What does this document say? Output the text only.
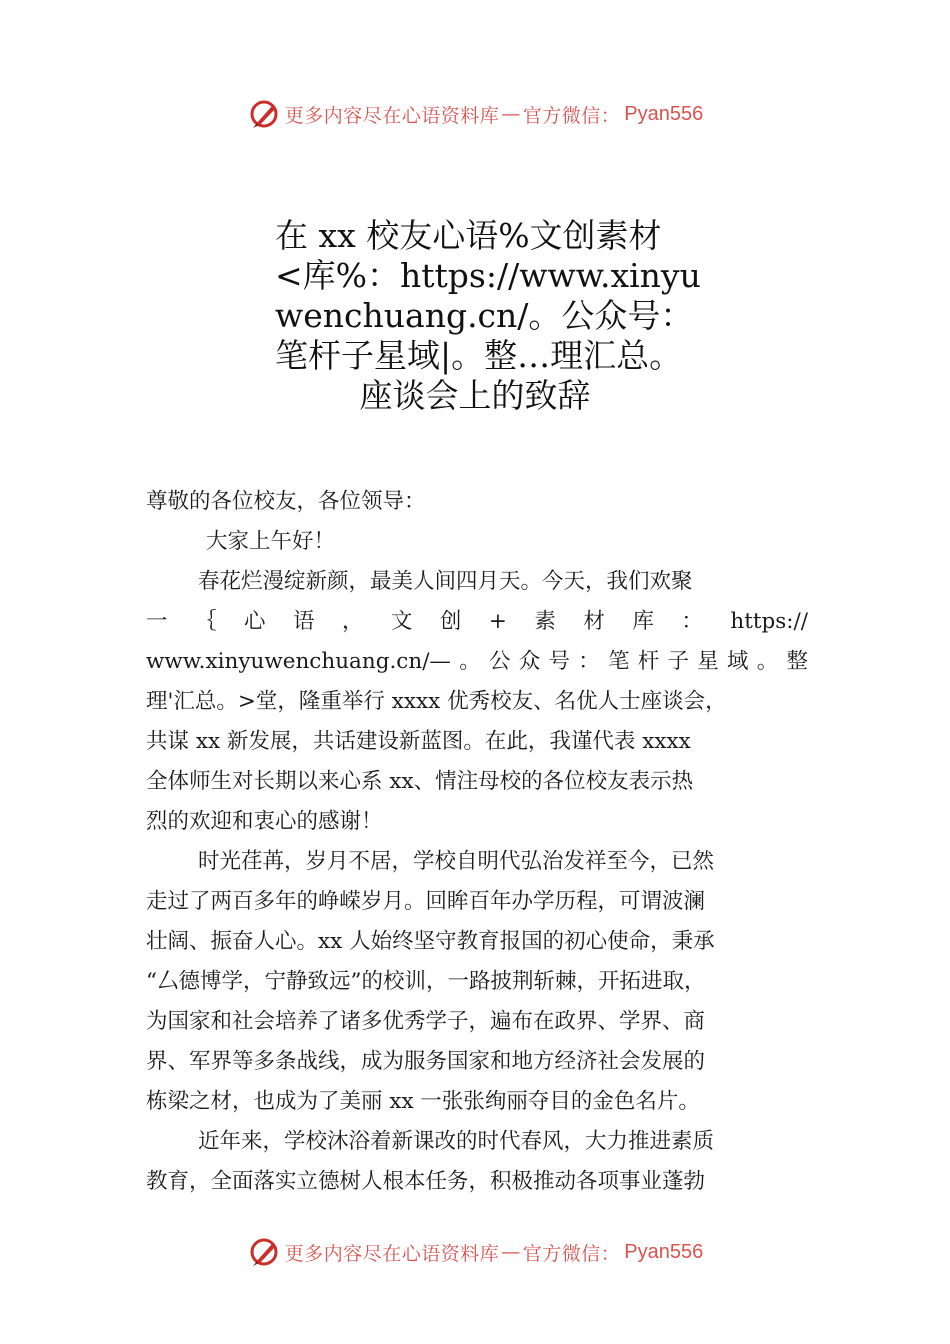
更多内容尽在心语资料库 — 官方微信： Pyan556
在 xx 校友心语%文创素材
<库%：https://www.xinyu
wenchuang.cn/。公众号：
笔杆子星域|。整…理汇总。
座谈会上的致辞
尊敬的各位校友，各位领导：
大家上午好！
春花烂漫绽新颜，最美人间四月天。今天，我们欢聚
一｛心语，文创+素材库：https://
www.xinyuwenchuang.cn/—。公众号：笔杆子星域。整
理'汇总。>堂，隆重举行 xxxx 优秀校友、名优人士座谈会，
共谋 xx 新发展，共话建设新蓝图。在此，我谨代表 xxxx
全体师生对长期以来心系 xx、情注母校的各位校友表示热
烈的欢迎和衷心的感谢！
时光荏苒，岁月不居，学校自明代弘治发祥至今，已然
走过了两百多年的峥嵘岁月。回眸百年办学历程，可谓波澜
壮阔、振奋人心。xx 人始终坚守教育报国的初心使命，秉承
“厶德博学，宁静致远”的校训，一路披荆斩棘，开拓进取，
为国家和社会培养了诸多优秀学子，遍布在政界、学界、商
界、军界等多条战线，成为服务国家和地方经济社会发展的
栋梁之材，也成为了美丽 xx 一张张绚丽夺目的金色名片。
近年来，学校沐浴着新课改的时代春风，大力推进素质
教育，全面落实立德树人根本任务，积极推动各项事业蓬勃
更多内容尽在心语资料库 — 官方微信： Pyan556
